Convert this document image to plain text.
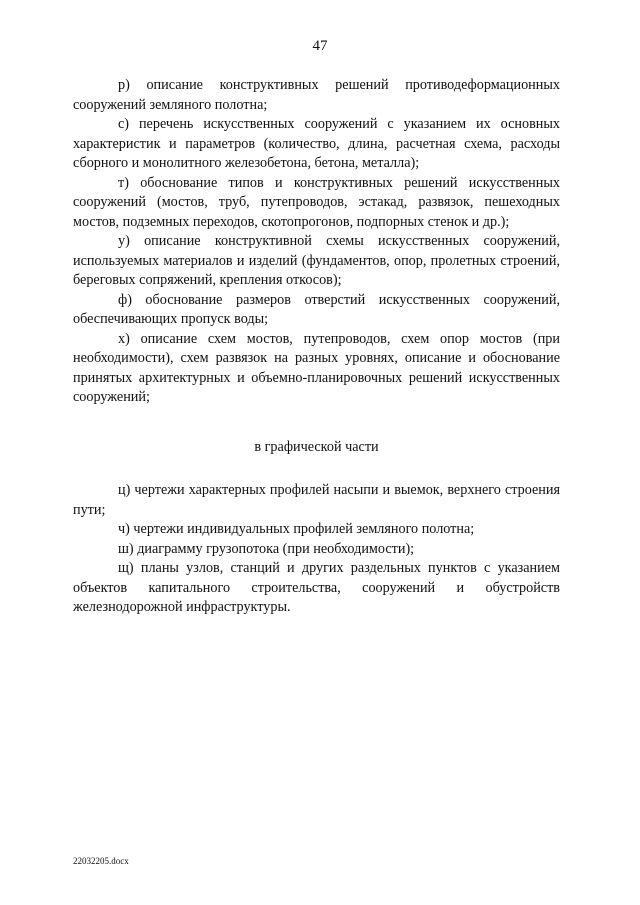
47

р) описание конструктивных решений противодеформационных сооружений земляного полотна;

с) перечень искусственных сооружений с указанием их основных характеристик и параметров (количество, длина, расчетная схема, расходы сборного и монолитного железобетона, бетона, металла);

т) обоснование типов и конструктивных решений искусственных сооружений (мостов, труб, путепроводов, эстакад, развязок, пешеходных мостов, подземных переходов, скотопрогонов, подпорных стенок и др.);

у) описание конструктивной схемы искусственных сооружений, используемых материалов и изделий (фундаментов, опор, пролетных строений, береговых сопряжений, крепления откосов);

ф) обоснование размеров отверстий искусственных сооружений, обеспечивающих пропуск воды;

х) описание схем мостов, путепроводов, схем опор мостов (при необходимости), схем развязок на разных уровнях, описание и обоснование принятых архитектурных и объемно-планировочных решений искусственных сооружений;

в графической части

ц) чертежи характерных профилей насыпи и выемок, верхнего строения пути;

ч) чертежи индивидуальных профилей земляного полотна;

ш) диаграмму грузопотока (при необходимости);

щ) планы узлов, станций и других раздельных пунктов с указанием объектов капитального строительства, сооружений и обустройств железнодорожной инфраструктуры.

22032205.docx
